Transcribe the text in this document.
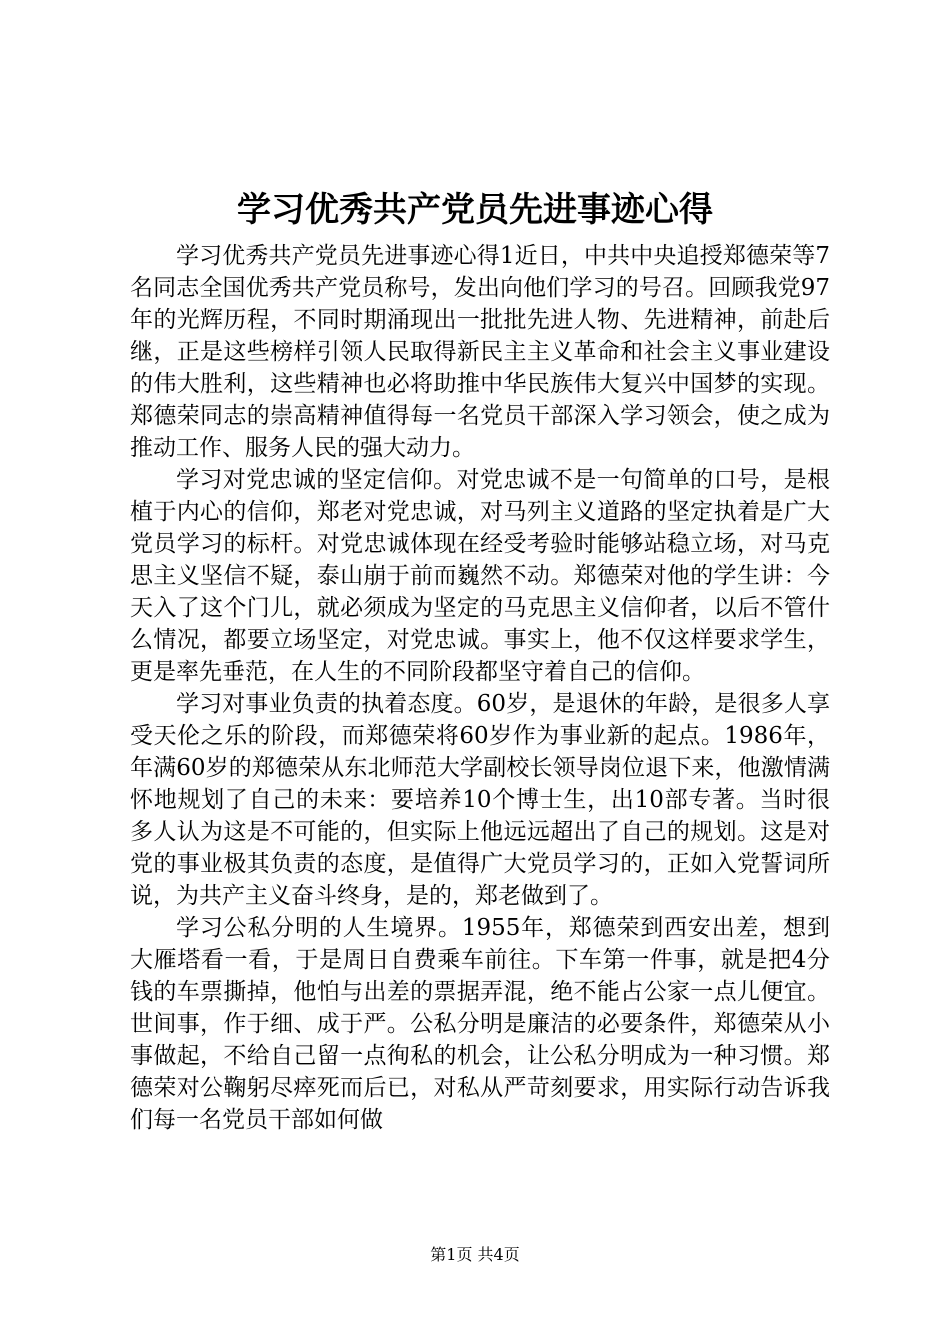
学习优秀共产党员先进事迹心得

学习优秀共产党员先进事迹心得1近日，中共中央追授郑德荣等7名同志全国优秀共产党员称号，发出向他们学习的号召。回顾我党97年的光辉历程，不同时期涌现出一批批先进人物、先进精神，前赴后继，正是这些榜样引领人民取得新民主主义革命和社会主义事业建设的伟大胜利，这些精神也必将助推中华民族伟大复兴中国梦的实现。郑德荣同志的崇高精神值得每一名党员干部深入学习领会，使之成为推动工作、服务人民的强大动力。

学习对党忠诚的坚定信仰。对党忠诚不是一句简单的口号，是根植于内心的信仰，郑老对党忠诚，对马列主义道路的坚定执着是广大党员学习的标杆。对党忠诚体现在经受考验时能够站稳立场，对马克思主义坚信不疑，泰山崩于前而巍然不动。郑德荣对他的学生讲：今天入了这个门儿，就必须成为坚定的马克思主义信仰者，以后不管什么情况，都要立场坚定，对党忠诚。事实上，他不仅这样要求学生，更是率先垂范，在人生的不同阶段都坚守着自己的信仰。

学习对事业负责的执着态度。60岁，是退休的年龄，是很多人享受天伦之乐的阶段，而郑德荣将60岁作为事业新的起点。1986年，年满60岁的郑德荣从东北师范大学副校长领导岗位退下来，他激情满怀地规划了自己的未来：要培养10个博士生，出10部专著。当时很多人认为这是不可能的，但实际上他远远超出了自己的规划。这是对党的事业极其负责的态度，是值得广大党员学习的，正如入党誓词所说，为共产主义奋斗终身，是的，郑老做到了。

学习公私分明的人生境界。1955年，郑德荣到西安出差，想到大雁塔看一看，于是周日自费乘车前往。下车第一件事，就是把4分钱的车票撕掉，他怕与出差的票据弄混，绝不能占公家一点儿便宜。世间事，作于细、成于严。公私分明是廉洁的必要条件，郑德荣从小事做起，不给自己留一点徇私的机会，让公私分明成为一种习惯。郑德荣对公鞠躬尽瘁死而后已，对私从严苛刻要求，用实际行动告诉我们每一名党员干部如何做

第1页 共4页
